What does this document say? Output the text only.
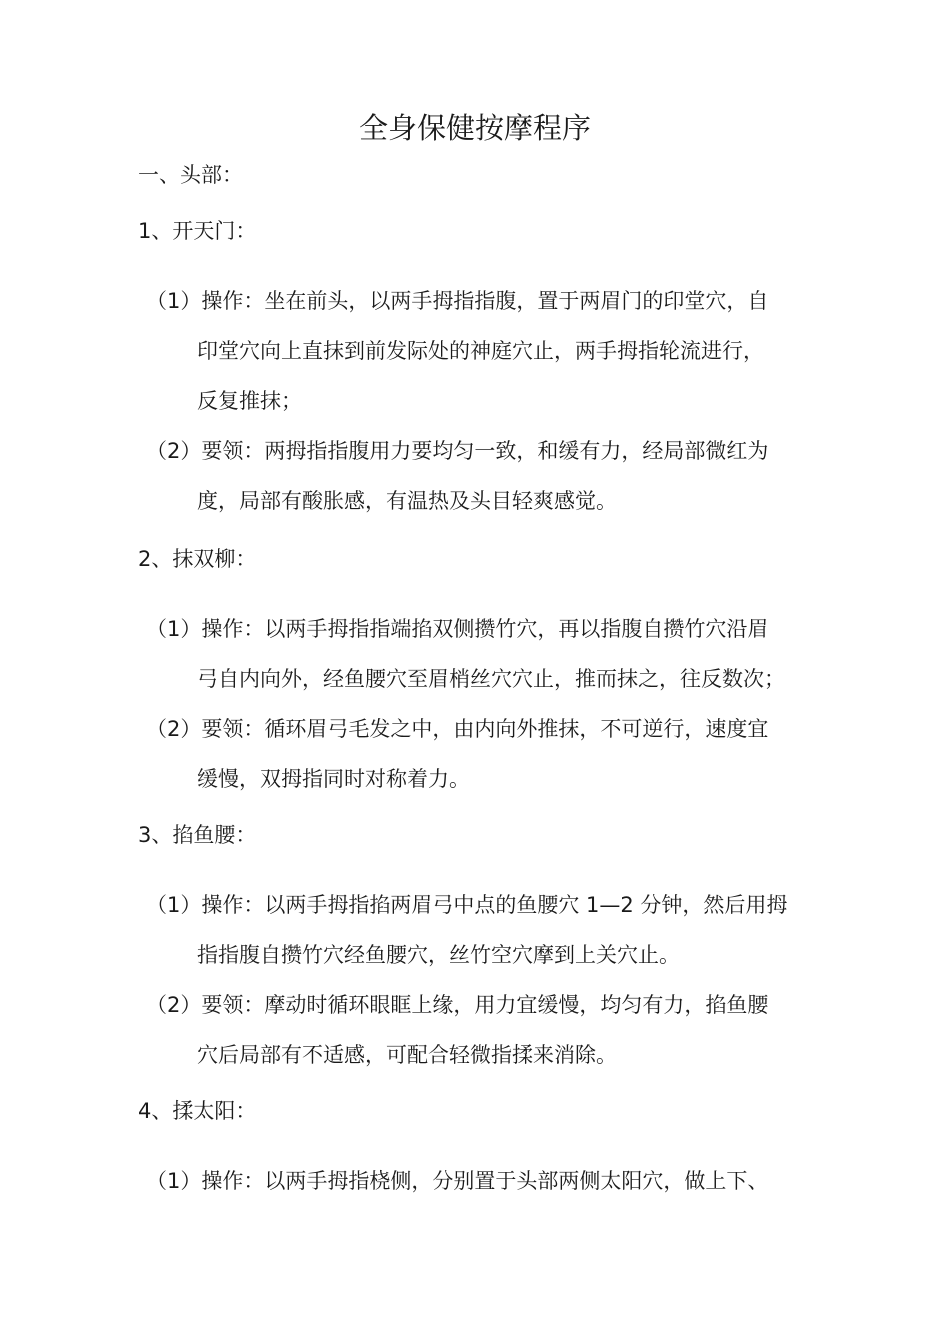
全身保健按摩程序
一、头部：
1、开天门：
（1）操作：坐在前头，以两手拇指指腹，置于两眉门的印堂穴，自
印堂穴向上直抹到前发际处的神庭穴止，两手拇指轮流进行，
反复推抹；
（2）要领：两拇指指腹用力要均匀一致，和缓有力，经局部微红为
度，局部有酸胀感，有温热及头目轻爽感觉。
2、抹双柳：
（1）操作：以两手拇指指端掐双侧攒竹穴，再以指腹自攒竹穴沿眉
弓自内向外，经鱼腰穴至眉梢丝穴穴止，推而抹之，往反数次；
（2）要领：循环眉弓毛发之中，由内向外推抹，不可逆行，速度宜
缓慢，双拇指同时对称着力。
3、掐鱼腰：
（1）操作：以两手拇指掐两眉弓中点的鱼腰穴 1—2 分钟，然后用拇
指指腹自攒竹穴经鱼腰穴，丝竹空穴摩到上关穴止。
（2）要领：摩动时循环眼眶上缘，用力宜缓慢，均匀有力，掐鱼腰
穴后局部有不适感，可配合轻微指揉来消除。
4、揉太阳：
（1）操作：以两手拇指桡侧，分别置于头部两侧太阳穴，做上下、
